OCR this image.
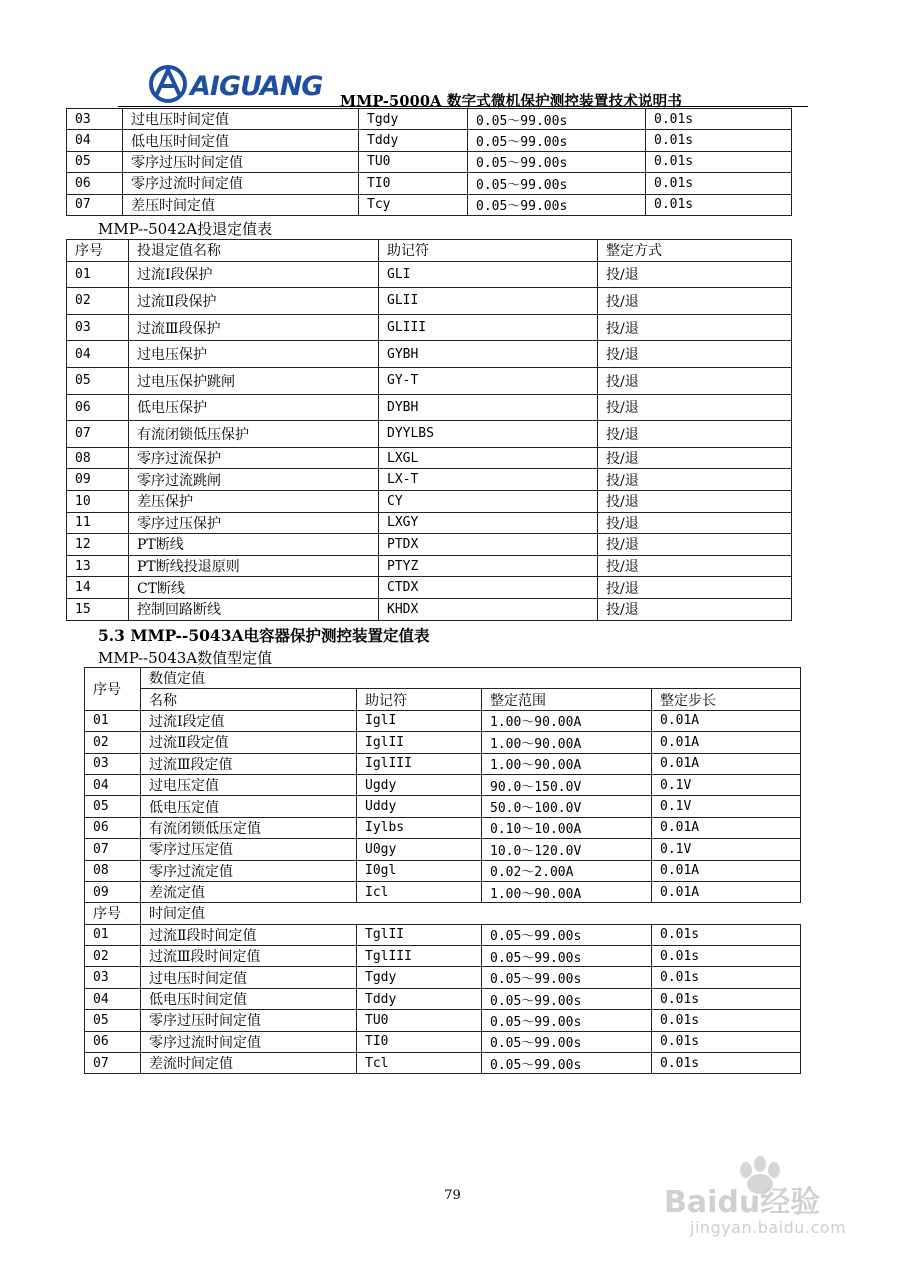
AIGUANG MMP-5000A 数字式微机保护测控装置技术说明书
03	过电压时间定值	Tgdy	0.05～99.00s	0.01s
04	低电压时间定值	Tddy	0.05～99.00s	0.01s
05	零序过压时间定值	TU0	0.05～99.00s	0.01s
06	零序过流时间定值	TI0	0.05～99.00s	0.01s
07	差压时间定值	Tcy	0.05～99.00s	0.01s
MMP--5042A投退定值表
序号	投退定值名称	助记符	整定方式
01	过流Ⅰ段保护	GLI	投/退
02	过流Ⅱ段保护	GLII	投/退
03	过流Ⅲ段保护	GLIII	投/退
04	过电压保护	GYBH	投/退
05	过电压保护跳闸	GY-T	投/退
06	低电压保护	DYBH	投/退
07	有流闭锁低压保护	DYYLBS	投/退
08	零序过流保护	LXGL	投/退
09	零序过流跳闸	LX-T	投/退
10	差压保护	CY	投/退
11	零序过压保护	LXGY	投/退
12	PT断线	PTDX	投/退
13	PT断线投退原则	PTYZ	投/退
14	CT断线	CTDX	投/退
15	控制回路断线	KHDX	投/退
5.3 MMP--5043A电容器保护测控装置定值表
MMP--5043A数值型定值
序号	数值定值			
	名称	助记符	整定范围	整定步长
01	过流Ⅰ段定值	IglI	1.00～90.00A	0.01A
02	过流Ⅱ段定值	IglII	1.00～90.00A	0.01A
03	过流Ⅲ段定值	IglIII	1.00～90.00A	0.01A
04	过电压定值	Ugdy	90.0～150.0V	0.1V
05	低电压定值	Uddy	50.0～100.0V	0.1V
06	有流闭锁低压定值	Iylbs	0.10～10.00A	0.01A
07	零序过压定值	U0gy	10.0～120.0V	0.1V
08	零序过流定值	I0gl	0.02～2.00A	0.01A
09	差流定值	Icl	1.00～90.00A	0.01A
序号	时间定值			
01	过流Ⅱ段时间定值	TglII	0.05～99.00s	0.01s
02	过流Ⅲ段时间定值	TglIII	0.05～99.00s	0.01s
03	过电压时间定值	Tgdy	0.05～99.00s	0.01s
04	低电压时间定值	Tddy	0.05～99.00s	0.01s
05	零序过压时间定值	TU0	0.05～99.00s	0.01s
06	零序过流时间定值	TI0	0.05～99.00s	0.01s
07	差流时间定值	Tcl	0.05～99.00s	0.01s
79	Baidu经验
jingyan.baidu.com
